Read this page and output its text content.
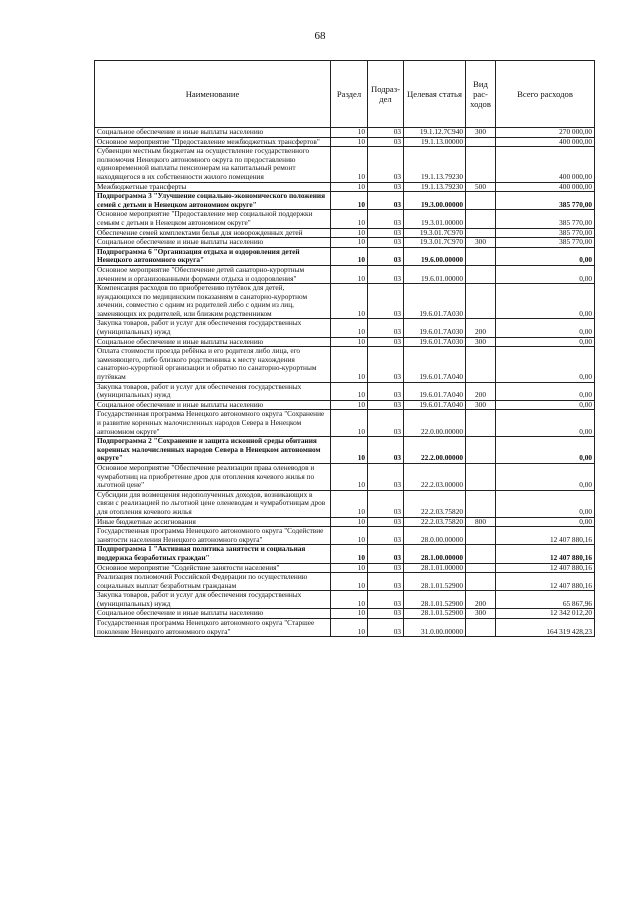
68
Наименование	Раздел	Подраз-дел	Целевая статья	Вид рас-ходов	Всего расходов
Социальное обеспечение и иные выплаты населению	10	03	19.1.12.7С940	300	270 000,00
Основное мероприятие "Предоставление межбюджетных трансфертов"	10	03	19.1.13.00000		400 000,00
Субвенции местным бюджетам на осуществление государственного полномочия Ненецкого автономного округа по предоставлению единовременной выплаты пенсионерам на капитальный ремонт находящегося в их собственности жилого помещения	10	03	19.1.13.79230		400 000,00
Межбюджетные трансферты	10	03	19.1.13.79230	500	400 000,00
Подпрограмма 3 "Улучшение социально-экономического положения семей с детьми в Ненецком автономном округе"	10	03	19.3.00.00000		385 770,00
Основное мероприятие "Предоставление мер социальной поддержки семьям с детьми в Ненецком автономном округе"	10	03	19.3.01.00000		385 770,00
Обеспечение семей комплектами белья для новорожденных детей	10	03	19.3.01.7С970		385 770,00
Социальное обеспечение и иные выплаты населению	10	03	19.3.01.7С970	300	385 770,00
Подпрограмма 6 "Организация отдыха и оздоровления детей Ненецкого автономного округа"	10	03	19.6.00.00000		0,00
Основное мероприятие "Обеспечение детей санаторно-курортным лечением и организованными формами отдыха и оздоровления"	10	03	19.6.01.00000		0,00
Компенсация расходов по приобретению путёвок для детей, нуждающихся по медицинским показаниям в санаторно-курортном лечении, совместно с одним из родителей либо с одним из лиц, заменяющих их родителей, или близким родственником	10	03	19.6.01.7А030		0,00
Закупка товаров, работ и услуг для обеспечения государственных (муниципальных) нужд	10	03	19.6.01.7А030	200	0,00
Социальное обеспечение и иные выплаты населению	10	03	19.6.01.7А030	300	0,00
Оплата стоимости проезда ребёнка и его родителя либо лица, его заменяющего, либо близкого родственника к месту нахождения санаторно-курортной организации и обратно по санаторно-курортным путёвкам	10	03	19.6.01.7А040		0,00
Закупка товаров, работ и услуг для обеспечения государственных (муниципальных) нужд	10	03	19.6.01.7А040	200	0,00
Социальное обеспечение и иные выплаты населению	10	03	19.6.01.7А040	300	0,00
Государственная программа Ненецкого автономного округа "Сохранение и развитие коренных малочисленных народов Севера в Ненецком автономном округе"	10	03	22.0.00.00000		0,00
Подпрограмма 2 "Сохранение и защита исконной среды обитания коренных малочисленных народов Севера в Ненецком автономном округе"	10	03	22.2.00.00000		0,00
Основное мероприятие "Обеспечение реализации права оленеводов и чумработниц на приобретение дров для отопления кочевого жилья по льготной цене"	10	03	22.2.03.00000		0,00
Субсидии для возмещения недополученных доходов, возникающих в связи с реализацией по льготной цене оленеводам и чумработницам дров для отопления кочевого жилья	10	03	22.2.03.75820		0,00
Иные бюджетные ассигнования	10	03	22.2.03.75820	800	0,00
Государственная программа Ненецкого автономного округа "Содействие занятости населения Ненецкого автономного округа"	10	03	28.0.00.00000		12 407 880,16
Подпрограмма 1 "Активная политика занятости и социальная поддержка безработных граждан"	10	03	28.1.00.00000		12 407 880,16
Основное мероприятие "Содействие занятости населения"	10	03	28.1.01.00000		12 407 880,16
Реализация полномочий Российской Федерации по осуществлению социальных выплат безработным гражданам	10	03	28.1.01.52900		12 407 880,16
Закупка товаров, работ и услуг для обеспечения государственных (муниципальных) нужд	10	03	28.1.01.52900	200	65 867,96
Социальное обеспечение и иные выплаты населению	10	03	28.1.01.52900	300	12 342 012,20
Государственная программа Ненецкого автономного округа "Старшее поколение Ненецкого автономного округа"	10	03	31.0.00.00000		164 319 428,23
